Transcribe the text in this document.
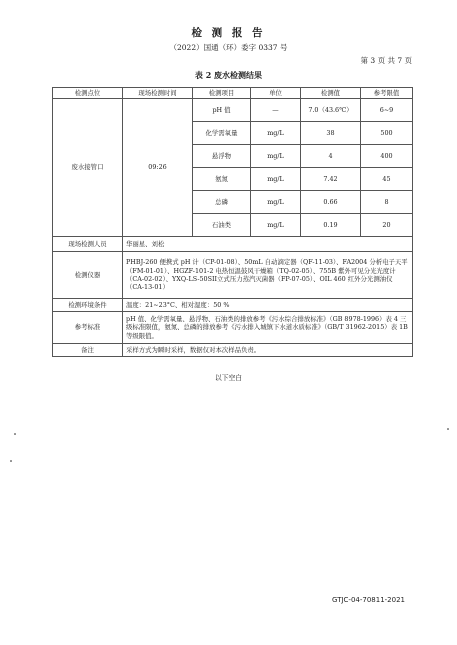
检 测 报 告
（2022）国通（环）委字 0337 号
第 3 页 共 7 页
表 2 废水检测结果
检测点位	现场检测时间	检测项目	单位	检测值	参考限值
废水接管口	09:26	pH 值	—	7.0（43.6℃）	6~9
		化学需氧量	mg/L	38	500
		悬浮物	mg/L	4	400
		氨氮	mg/L	7.42	45
		总磷	mg/L	0.66	8
		石油类	mg/L	0.19	20
现场检测人员	华丽星、刘松				
检测仪器	PHBJ-260 便携式 pH 计（CP-01-08）、50mL 自动滴定器（QF-11-03）、FA2004 分析电子天平（FM-01-01）、HGZF-101-2 电热恒温鼓风干燥箱（TQ-02-05）、755B 紫外可见分光光度计（CA-02-02）、YXQ-LS-50SII立式压力蒸汽灭菌器（FP-07-05）、OIL 460 红外分光测油仪（CA-13-01）				
检测环境条件	温度：21~23°C、相对湿度：50 %				
参考标准	pH 值、化学需氧量、悬浮物、石油类的排放参考《污水综合排放标准》（GB 8978-1996）表 4 三级标准限值，氨氮、总磷的排放参考《污水排入城镇下水道水质标准》（GB/T 31962-2015）表 1B 等级限值。				
备注	采样方式为瞬时采样，数据仅对本次样品负责。				
以下空白
GTJC-04-70811-2021
